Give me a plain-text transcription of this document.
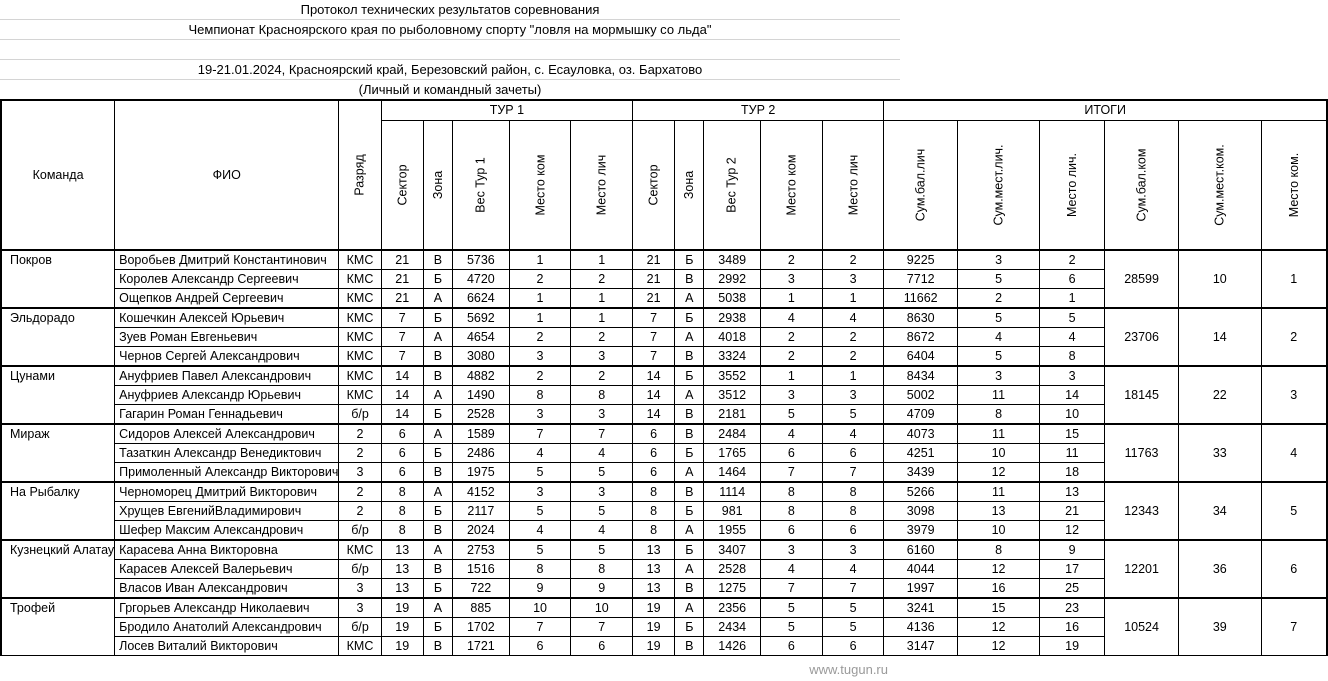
Протокол технических результатов соревнования
Чемпионат Красноярского края по рыболовному спорту "ловля на мормышку со льда"
19-21.01.2024, Красноярский край, Березовский район, с. Есауловка, оз. Бархатово
(Личный и командный зачеты)
Команда	ФИО	Разряд	ТУР 1					ТУР 2					ИТОГИ					
			Сектор	Зона	Вес Тур 1	Место ком	Место лич	Сектор	Зона	Вес Тур 2	Место ком	Место лич	Сум.бал.лич	Сум.мест.лич.	Место лич.	Сум.бал.ком	Сум.мест.ком.	Место ком.
Покров	Воробьев Дмитрий Константинович	КМС	21	В	5736	1	1	21	Б	3489	2	2	9225	3	2	28599	10	1
	Королев Александр Сергеевич	КМС	21	Б	4720	2	2	21	В	2992	3	3	7712	5	6			
	Ощепков Андрей Сергеевич	КМС	21	А	6624	1	1	21	А	5038	1	1	11662	2	1			
Эльдорадо	Кошечкин Алексей Юрьевич	КМС	7	Б	5692	1	1	7	Б	2938	4	4	8630	5	5	23706	14	2
	Зуев Роман Евгеньевич	КМС	7	А	4654	2	2	7	А	4018	2	2	8672	4	4			
	Чернов Сергей Александрович	КМС	7	В	3080	3	3	7	В	3324	2	2	6404	5	8			
Цунами	Ануфриев Павел Александрович	КМС	14	В	4882	2	2	14	Б	3552	1	1	8434	3	3	18145	22	3
	Ануфриев Александр Юрьевич	КМС	14	А	1490	8	8	14	А	3512	3	3	5002	11	14			
	Гагарин Роман Геннадьевич	б/р	14	Б	2528	3	3	14	В	2181	5	5	4709	8	10			
Мираж	Сидоров Алексей Александрович	2	6	А	1589	7	7	6	В	2484	4	4	4073	11	15	11763	33	4
	Тазаткин Александр Венедиктович	2	6	Б	2486	4	4	6	Б	1765	6	6	4251	10	11			
	Примоленный Александр Викторович	3	6	В	1975	5	5	6	А	1464	7	7	3439	12	18			
На Рыбалку	Черноморец Дмитрий Викторович	2	8	А	4152	3	3	8	В	1114	8	8	5266	11	13	12343	34	5
	Хрущев ЕвгенийВладимирович	2	8	Б	2117	5	5	8	Б	981	8	8	3098	13	21			
	Шефер Максим Александрович	б/р	8	В	2024	4	4	8	А	1955	6	6	3979	10	12			
Кузнецкий Алатау	Карасева Анна Викторовна	КМС	13	А	2753	5	5	13	Б	3407	3	3	6160	8	9	12201	36	6
	Карасев Алексей Валерьевич	б/р	13	В	1516	8	8	13	А	2528	4	4	4044	12	17			
	Власов Иван Александрович	3	13	Б	722	9	9	13	В	1275	7	7	1997	16	25			
Трофей	Гргорьев Александр Николаевич	3	19	А	885	10	10	19	А	2356	5	5	3241	15	23	10524	39	7
	Бродило Анатолий Александрович	б/р	19	Б	1702	7	7	19	Б	2434	5	5	4136	12	16			
	Лосев Виталий Викторович	КМС	19	В	1721	6	6	19	В	1426	6	6	3147	12	19			
www.tugun.ru
